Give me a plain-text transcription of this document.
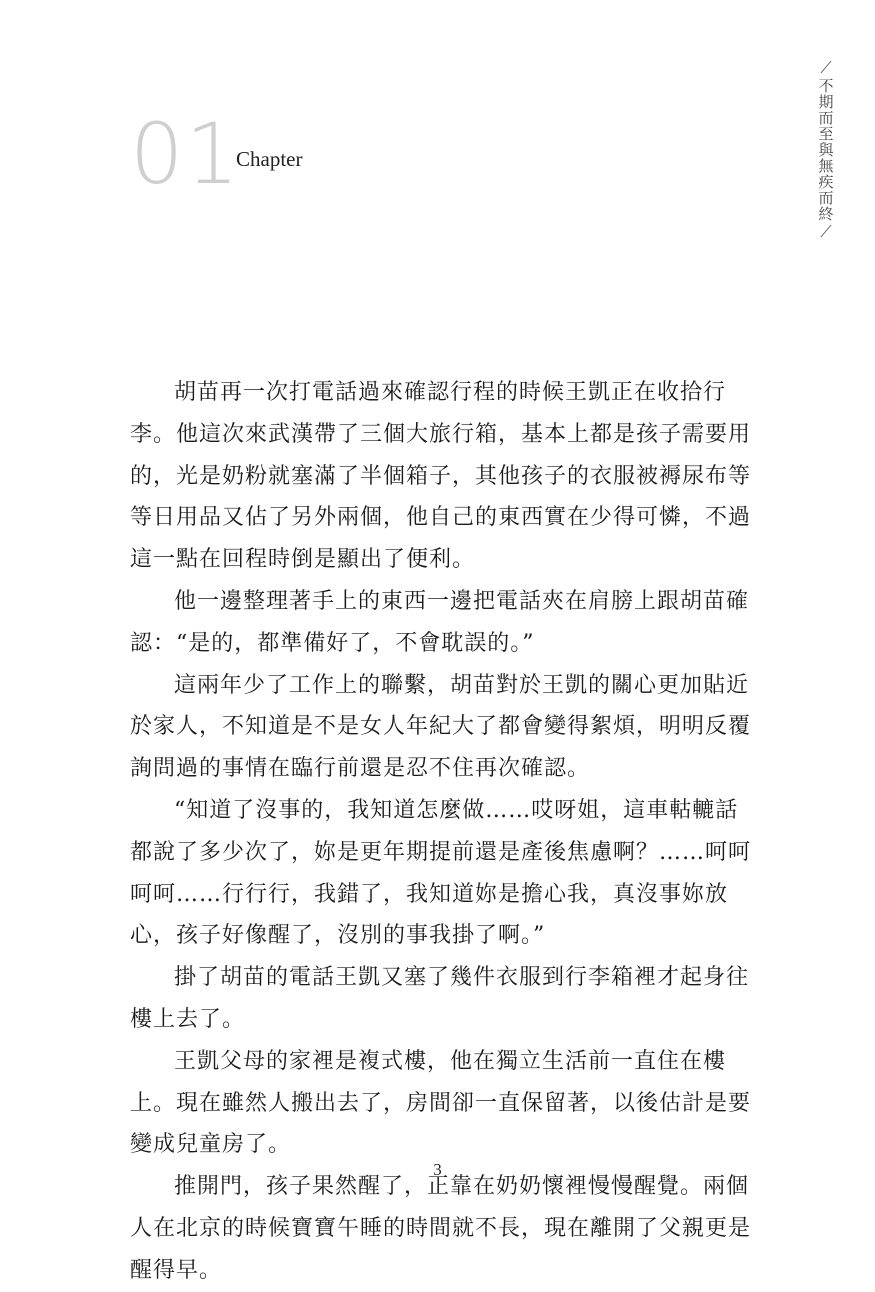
01
Chapter
⟋
不期而至與無疾而終
⟋

胡苗再一次打電話過來確認行程的時候王凱正在收拾行李。他這次來武漢帶了三個大旅行箱，基本上都是孩子需要用的，光是奶粉就塞滿了半個箱子，其他孩子的衣服被褥尿布等等日用品又佔了另外兩個，他自己的東西實在少得可憐，不過這一點在回程時倒是顯出了便利。

他一邊整理著手上的東西一邊把電話夾在肩膀上跟胡苗確認：“是的，都準備好了，不會耽誤的。”

這兩年少了工作上的聯繫，胡苗對於王凱的關心更加貼近於家人，不知道是不是女人年紀大了都會變得絮煩，明明反覆詢問過的事情在臨行前還是忍不住再次確認。

“知道了沒事的，我知道怎麼做……哎呀姐，這車軲轆話都說了多少次了，妳是更年期提前還是產後焦慮啊？……呵呵呵呵……行行行，我錯了，我知道妳是擔心我，真沒事妳放心，孩子好像醒了，沒別的事我掛了啊。”

掛了胡苗的電話王凱又塞了幾件衣服到行李箱裡才起身往樓上去了。

王凱父母的家裡是複式樓，他在獨立生活前一直住在樓上。現在雖然人搬出去了，房間卻一直保留著，以後估計是要變成兒童房了。

推開門，孩子果然醒了，正靠在奶奶懷裡慢慢醒覺。兩個人在北京的時候寶寶午睡的時間就不長，現在離開了父親更是醒得早。

3
